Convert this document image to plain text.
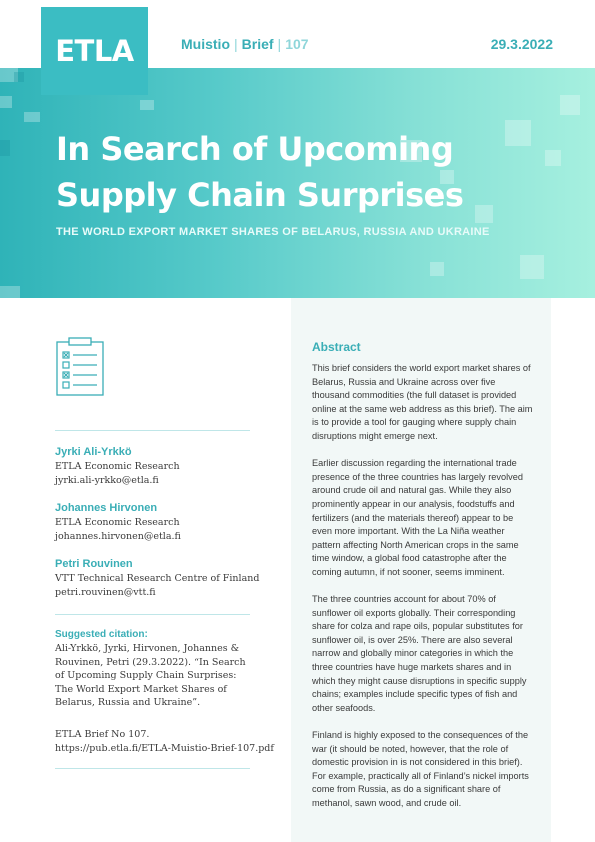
ETLA	Muistio | Brief | 107	29.3.2022
In Search of Upcoming
Supply Chain Surprises
THE WORLD EXPORT MARKET SHARES OF BELARUS, RUSSIA AND UKRAINE
Jyrki Ali-Yrkkö
ETLA Economic Research
jyrki.ali-yrkko@etla.fi
Johannes Hirvonen
ETLA Economic Research
johannes.hirvonen@etla.fi
Petri Rouvinen
VTT Technical Research Centre of Finland
petri.rouvinen@vtt.fi
Suggested citation:
Ali-Yrkkö, Jyrki, Hirvonen, Johannes & Rouvinen, Petri (29.3.2022). “In Search of Upcoming Supply Chain Surprises: The World Export Market Shares of Belarus, Russia and Ukraine”.
ETLA Brief No 107.
https://pub.etla.fi/ETLA-Muistio-Brief-107.pdf
Abstract

This brief considers the world export market shares of Belarus, Russia and Ukraine across over five thousand commodities (the full dataset is provided online at the same web address as this brief). The aim is to provide a tool for gauging where supply chain disruptions might emerge next.

Earlier discussion regarding the international trade presence of the three countries has largely revolved around crude oil and natural gas. While they also prominently appear in our analysis, foodstuffs and fertilizers (and the materials thereof) appear to be even more important. With the La Niña weather pattern affecting North American crops in the same time window, a global food catastrophe after the coming autumn, if not sooner, seems imminent.

The three countries account for about 70% of sunflower oil exports globally. Their corresponding share for colza and rape oils, popular substitutes for sunflower oil, is over 25%. There are also several narrow and globally minor categories in which the three countries have huge markets shares and in which they might cause disruptions in specific supply chains; examples include specific types of fish and other seafoods.

Finland is highly exposed to the consequences of the war (it should be noted, however, that the role of domestic provision in is not considered in this brief). For example, practically all of Finland’s nickel imports come from Russia, as do a significant share of methanol, sawn wood, and crude oil.
